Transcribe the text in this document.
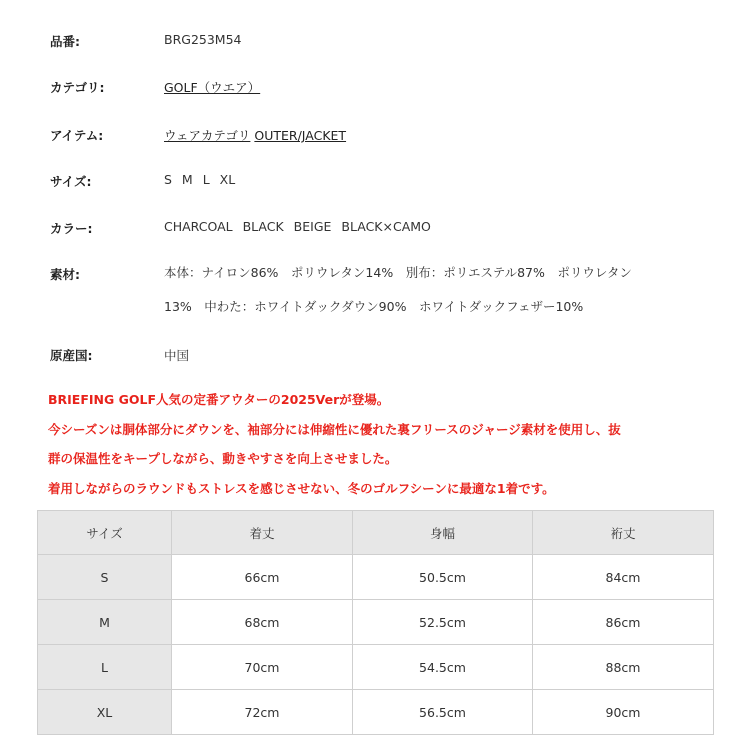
品番:	BRG253M54
カテゴリ:	GOLF（ウエア）
アイテム:	ウェアカテゴリ OUTER/JACKET
サイズ:	S M L XL
カラー:	CHARCOAL BLACK BEIGE BLACK×CAMO
素材:	本体：ナイロン86%　ポリウレタン14%　別布：ポリエステル87%　ポリウレタン
13%　中わた：ホワイトダックダウン90%　ホワイトダックフェザー10%
原産国:	中国
BRIEFING GOLF人気の定番アウターの2025Verが登場。
今シーズンは胴体部分にダウンを、袖部分には伸縮性に優れた裏フリースのジャージ素材を使用し、抜
群の保温性をキープしながら、動きやすさを向上させました。
着用しながらのラウンドもストレスを感じさせない、冬のゴルフシーンに最適な1着です。
サイズ	着丈	身幅	裄丈
S	66cm	50.5cm	84cm
M	68cm	52.5cm	86cm
L	70cm	54.5cm	88cm
XL	72cm	56.5cm	90cm
